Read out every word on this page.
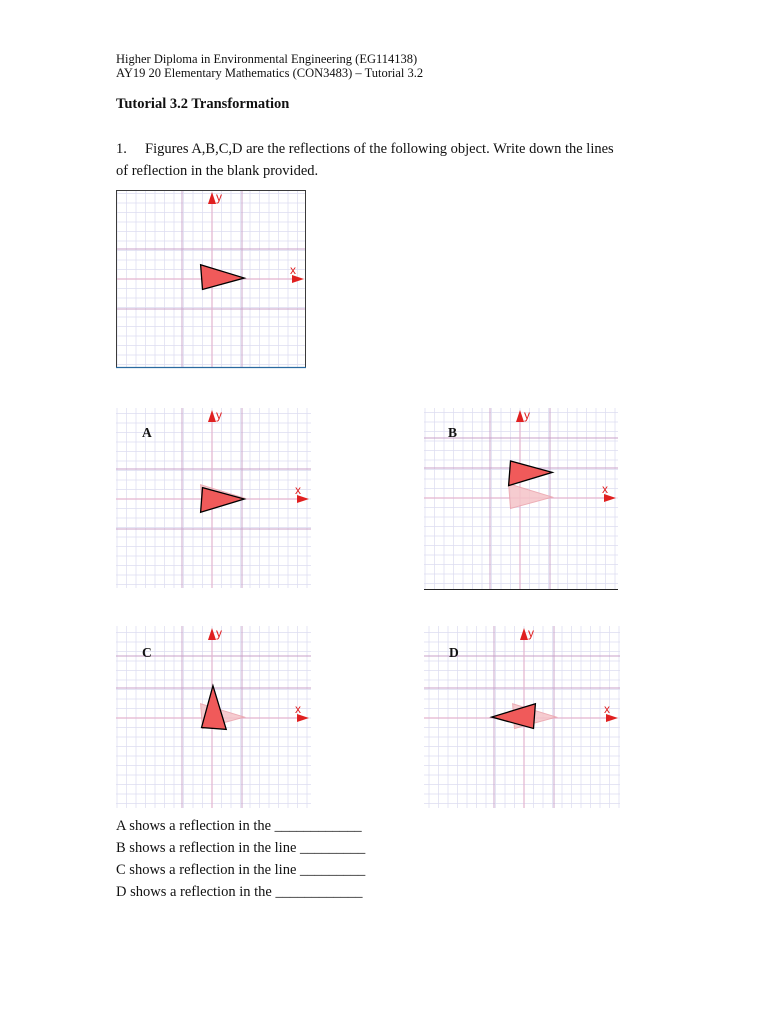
Higher Diploma in Environmental Engineering (EG114138)
AY19 20 Elementary Mathematics (CON3483) – Tutorial 3.2
Tutorial 3.2 Transformation
1. Figures A,B,C,D are the reflections of the following object. Write down the lines
of reflection in the blank provided.
x
y
x
y
A
x
y
B
x
y
C
x
y
D
A shows a reflection in the ____________
B shows a reflection in the line _________
C shows a reflection in the line _________
D shows a reflection in the ____________
